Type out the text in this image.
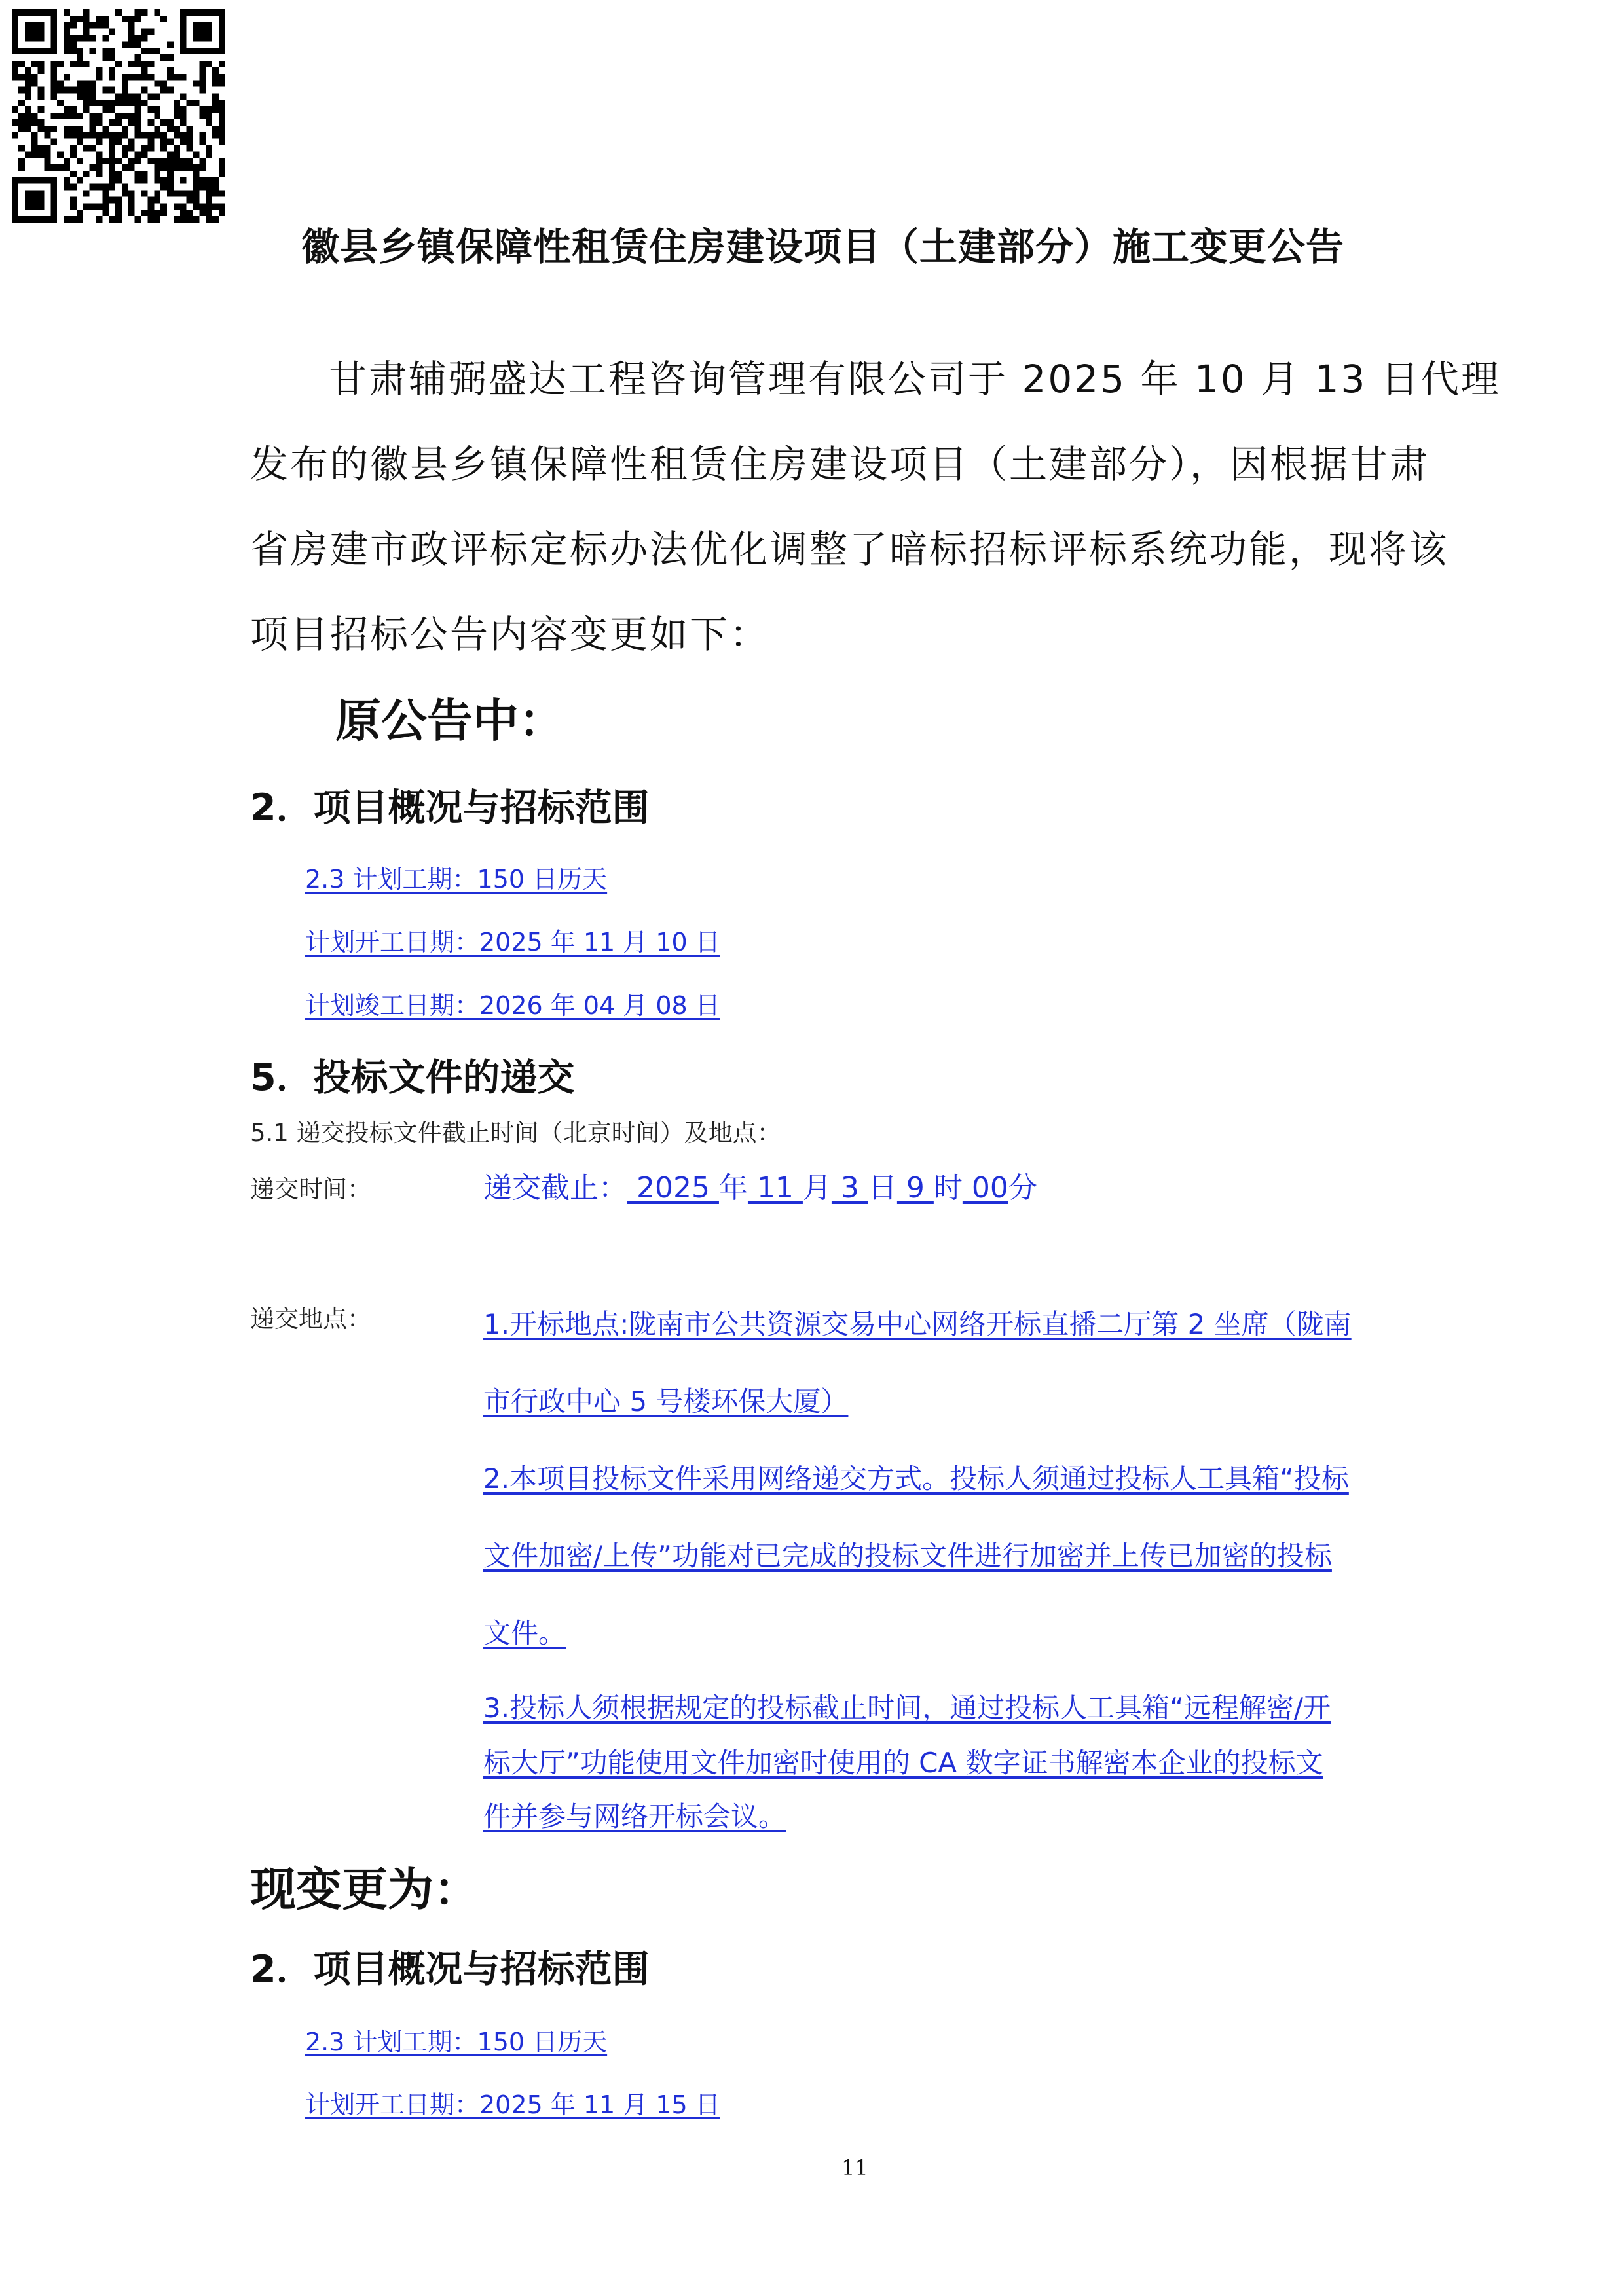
徽县乡镇保障性租赁住房建设项目（土建部分）施工变更公告
甘肃辅弼盛达工程咨询管理有限公司于 2025 年 10 月 13 日代理
发布的徽县乡镇保障性租赁住房建设项目（土建部分），因根据甘肃
省房建市政评标定标办法优化调整了暗标招标评标系统功能，现将该
项目招标公告内容变更如下：
原公告中：
2．项目概况与招标范围
2.3 计划工期：150 日历天
计划开工日期：2025 年 11 月 10 日
计划竣工日期：2026 年 04 月 08 日
5．投标文件的递交
5.1 递交投标文件截止时间（北京时间）及地点：
递交时间：	递交截止： 2025 年 11 月 3 日 9 时 00分
递交地点：	1.开标地点:陇南市公共资源交易中心网络开标直播二厅第 2 坐席（陇南
市行政中心 5 号楼环保大厦）
2.本项目投标文件采用网络递交方式。投标人须通过投标人工具箱“投标
文件加密/上传”功能对已完成的投标文件进行加密并上传已加密的投标
文件。
3.投标人须根据规定的投标截止时间，通过投标人工具箱“远程解密/开
标大厅”功能使用文件加密时使用的 CA 数字证书解密本企业的投标文
件并参与网络开标会议。
现变更为：
2．项目概况与招标范围
2.3 计划工期：150 日历天
计划开工日期：2025 年 11 月 15 日
11
